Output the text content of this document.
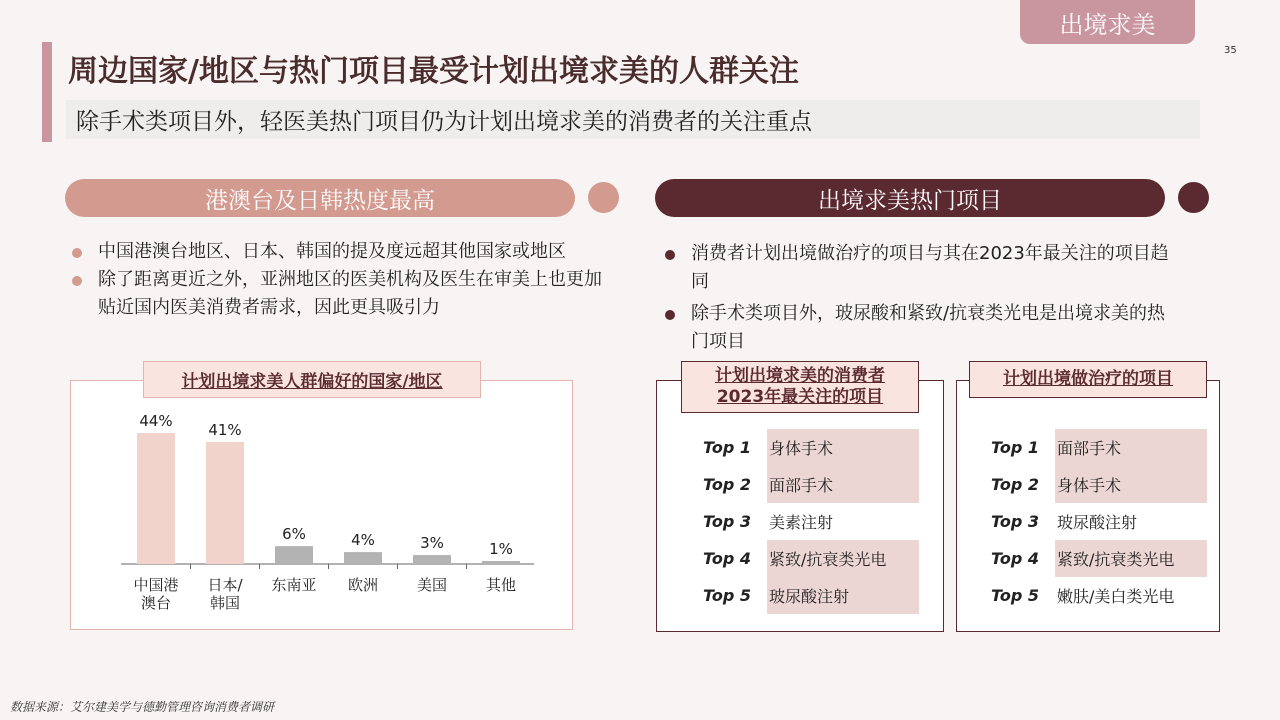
出境求美
35
周边国家/地区与热门项目最受计划出境求美的人群关注
除手术类项目外，轻医美热门项目仍为计划出境求美的消费者的关注重点
港澳台及日韩热度最高
中国港澳台地区、日本、韩国的提及度远超其他国家或地区
除了距离更近之外，亚洲地区的医美机构及医生在审美上也更加贴近国内医美消费者需求，因此更具吸引力
44%
中国港
澳台
41%
日本/
韩国
6%
东南亚
4%
欧洲
3%
美国
1%
其他
计划出境求美人群偏好的国家/地区
出境求美热门项目
消费者计划出境做治疗的项目与其在2023年最关注的项目趋同
除手术类项目外，玻尿酸和紧致/抗衰类光电是出境求美的热门项目
Top 1	身体手术
Top 2	面部手术
Top 3	美素注射
Top 4	紧致/抗衰类光电
Top 5	玻尿酸注射
计划出境求美的消费者
2023年最关注的项目
Top 1	面部手术
Top 2	身体手术
Top 3	玻尿酸注射
Top 4	紧致/抗衰类光电
Top 5	嫩肤/美白类光电
计划出境做治疗的项目
数据来源：艾尔建美学与德勤管理咨询消费者调研
